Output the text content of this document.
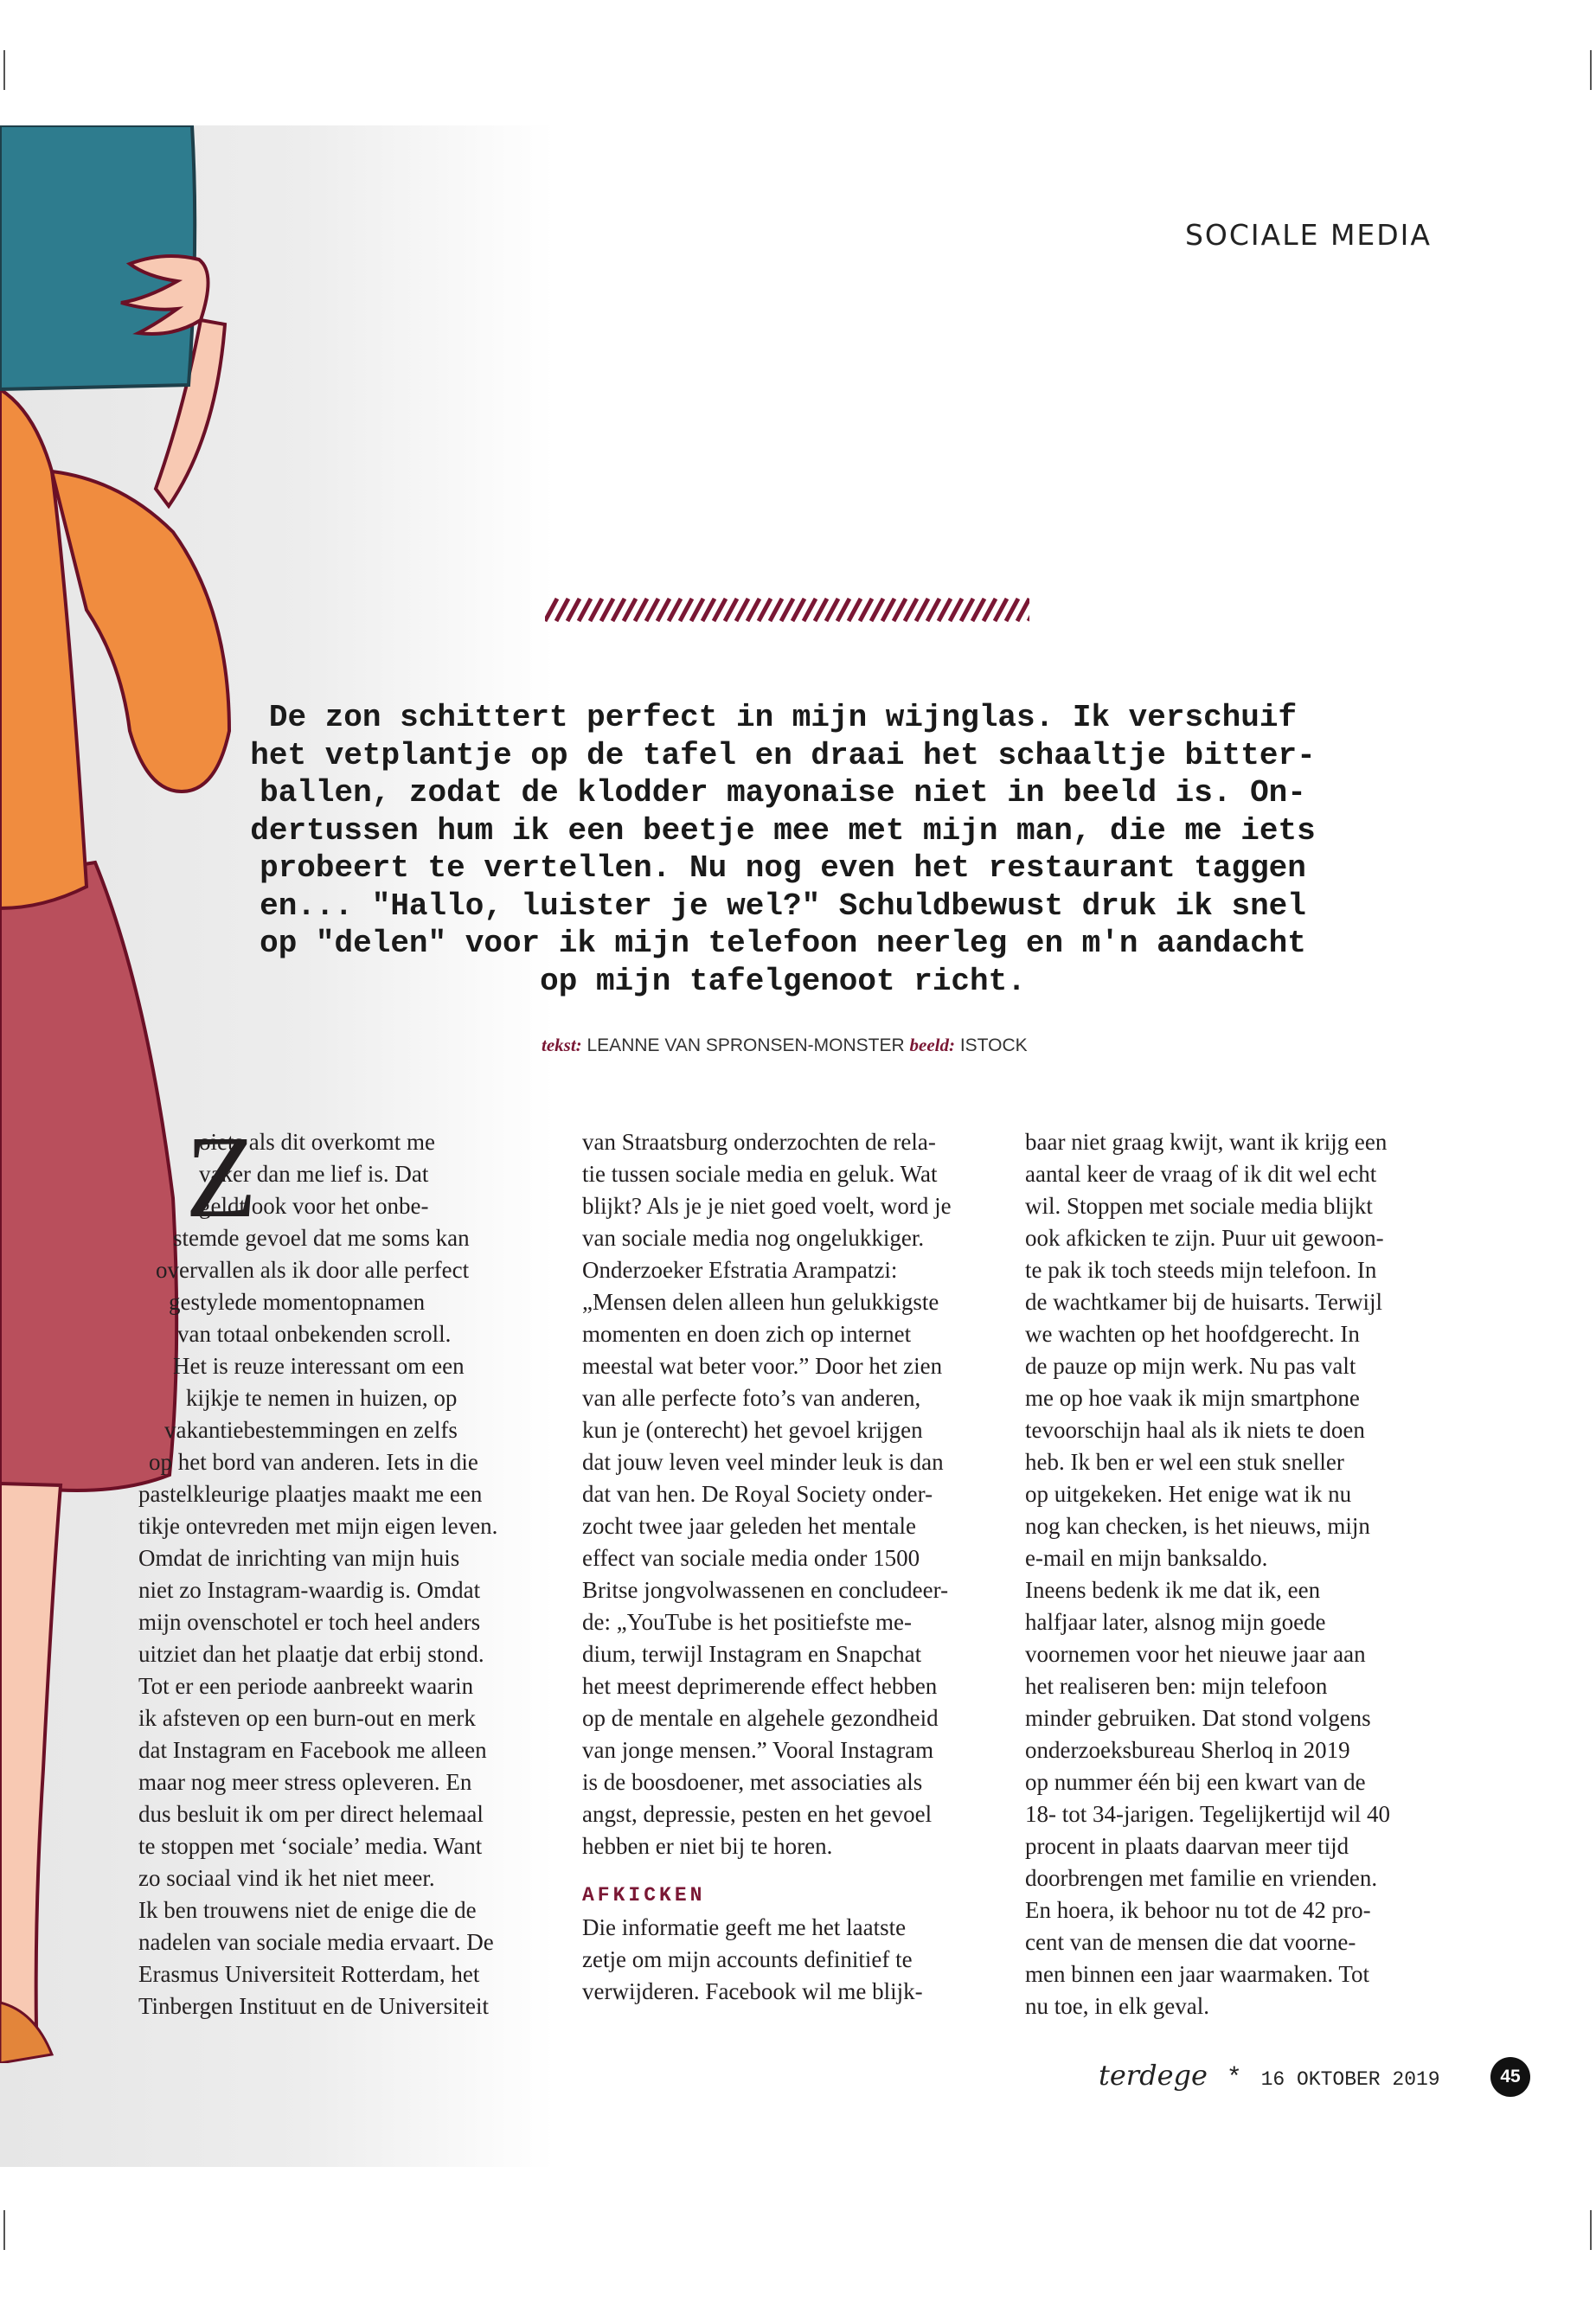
SOCIALE MEDIA
De zon schittert perfect in mijn wijnglas. Ik verschuif
het vetplantje op de tafel en draai het schaaltje bitter-
ballen, zodat de klodder mayonaise niet in beeld is. On-
dertussen hum ik een beetje mee met mijn man, die me iets
probeert te vertellen. Nu nog even het restaurant taggen
en... "Hallo, luister je wel?" Schuldbewust druk ik snel
op "delen" voor ik mijn telefoon neerleg en m'n aandacht
op mijn tafelgenoot richt.
tekst: LEANNE VAN SPRONSEN-MONSTER beeld: ISTOCK
Z

oiets als dit overkomt me

vaker dan me lief is. Dat

geldt ook voor het onbe-

stemde gevoel dat me soms kan

overvallen als ik door alle perfect

gestylede momentopnamen

van totaal onbekenden scroll.

Het is reuze interessant om een

kijkje te nemen in huizen, op

vakantiebestemmingen en zelfs

op het bord van anderen. Iets in die

pastelkleurige plaatjes maakt me een

tikje ontevreden met mijn eigen leven.

Omdat de inrichting van mijn huis

niet zo Instagram-waardig is. Omdat

mijn ovenschotel er toch heel anders

uitziet dan het plaatje dat erbij stond.

Tot er een periode aanbreekt waarin

ik afsteven op een burn-out en merk

dat Instagram en Facebook me alleen

maar nog meer stress opleveren. En

dus besluit ik om per direct helemaal

te stoppen met ‘sociale’ media. Want

zo sociaal vind ik het niet meer.

Ik ben trouwens niet de enige die de

nadelen van sociale media ervaart. De

Erasmus Universiteit Rotterdam, het

Tinbergen Instituut en de Universiteit

van Straatsburg onderzochten de rela-

tie tussen sociale media en geluk. Wat

blijkt? Als je je niet goed voelt, word je

van sociale media nog ongelukkiger.

Onderzoeker Efstratia Arampatzi:

„Mensen delen alleen hun gelukkigste

momenten en doen zich op internet

meestal wat beter voor.” Door het zien

van alle perfecte foto’s van anderen,

kun je (onterecht) het gevoel krijgen

dat jouw leven veel minder leuk is dan

dat van hen. De Royal Society onder-

zocht twee jaar geleden het mentale

effect van sociale media onder 1500

Britse jongvolwassenen en concludeer-

de: „YouTube is het positiefste me-

dium, terwijl Instagram en Snapchat

het meest deprimerende effect hebben

op de mentale en algehele gezondheid

van jonge mensen.” Vooral Instagram

is de boosdoener, met associaties als

angst, depressie, pesten en het gevoel

hebben er niet bij te horen.

AFKICKEN

Die informatie geeft me het laatste

zetje om mijn accounts definitief te

verwijderen. Facebook wil me blijk-

baar niet graag kwijt, want ik krijg een

aantal keer de vraag of ik dit wel echt

wil. Stoppen met sociale media blijkt

ook afkicken te zijn. Puur uit gewoon-

te pak ik toch steeds mijn telefoon. In

de wachtkamer bij de huisarts. Terwijl

we wachten op het hoofdgerecht. In

de pauze op mijn werk. Nu pas valt

me op hoe vaak ik mijn smartphone

tevoorschijn haal als ik niets te doen

heb. Ik ben er wel een stuk sneller

op uitgekeken. Het enige wat ik nu

nog kan checken, is het nieuws, mijn

e-mail en mijn banksaldo.

Ineens bedenk ik me dat ik, een

halfjaar later, alsnog mijn goede

voornemen voor het nieuwe jaar aan

het realiseren ben: mijn telefoon

minder gebruiken. Dat stond volgens

onderzoeksbureau Sherloq in 2019

op nummer één bij een kwart van de

18- tot 34-jarigen. Tegelijkertijd wil 40

procent in plaats daarvan meer tijd

doorbrengen met familie en vrienden.

En hoera, ik behoor nu tot de 42 pro-

cent van de mensen die dat voorne-

men binnen een jaar waarmaken. Tot

nu toe, in elk geval.

terdege * 16 OKTOBER 2019	45
